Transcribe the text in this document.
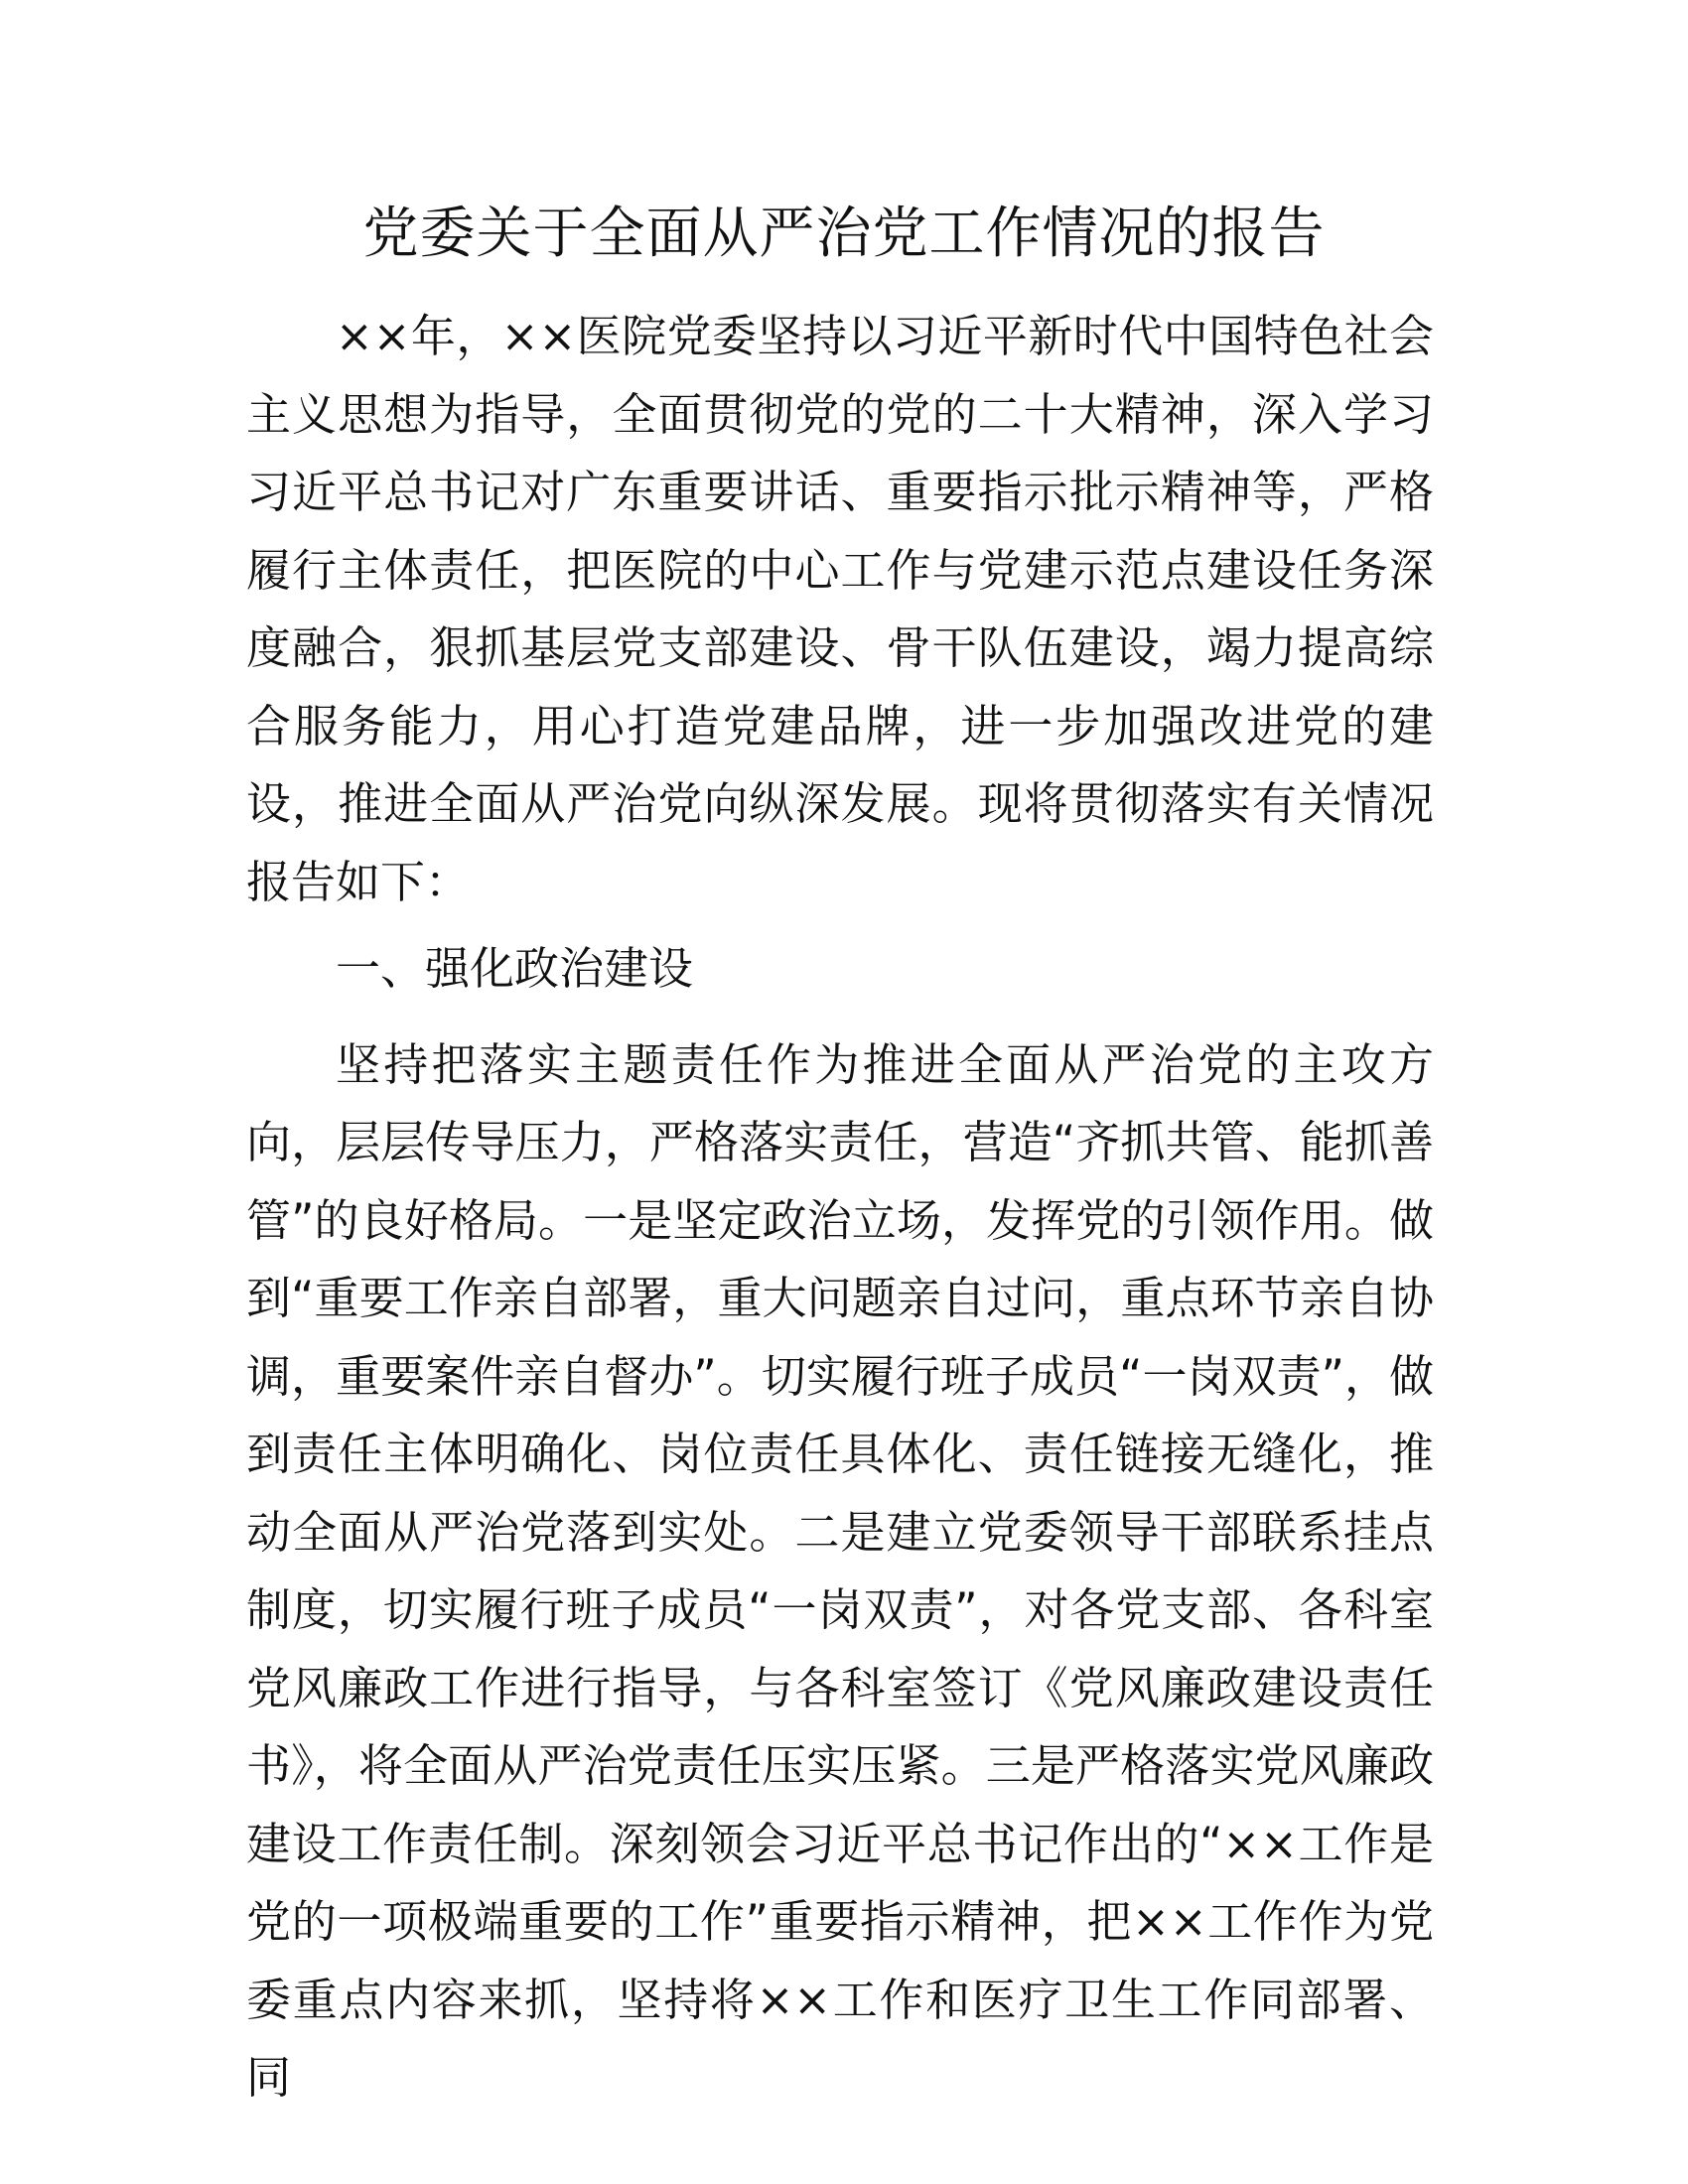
党委关于全面从严治党工作情况的报告

××年，××医院党委坚持以习近平新时代中国特色社会主义思想为指导，全面贯彻党的党的二十大精神，深入学习习近平总书记对广东重要讲话、重要指示批示精神等，严格履行主体责任，把医院的中心工作与党建示范点建设任务深度融合，狠抓基层党支部建设、骨干队伍建设，竭力提高综合服务能力，用心打造党建品牌，进一步加强改进党的建设，推进全面从严治党向纵深发展。现将贯彻落实有关情况报告如下：

一、强化政治建设

坚持把落实主题责任作为推进全面从严治党的主攻方向，层层传导压力，严格落实责任，营造“齐抓共管、能抓善管”的良好格局。一是坚定政治立场，发挥党的引领作用。做到“重要工作亲自部署，重大问题亲自过问，重点环节亲自协调，重要案件亲自督办”。切实履行班子成员“一岗双责”，做到责任主体明确化、岗位责任具体化、责任链接无缝化，推动全面从严治党落到实处。二是建立党委领导干部联系挂点制度，切实履行班子成员“一岗双责”，对各党支部、各科室党风廉政工作进行指导，与各科室签订《党风廉政建设责任书》，将全面从严治党责任压实压紧。三是严格落实党风廉政建设工作责任制。深刻领会习近平总书记作出的“××工作是党的一项极端重要的工作”重要指示精神，把××工作作为党委重点内容来抓，坚持将××工作和医疗卫生工作同部署、同
